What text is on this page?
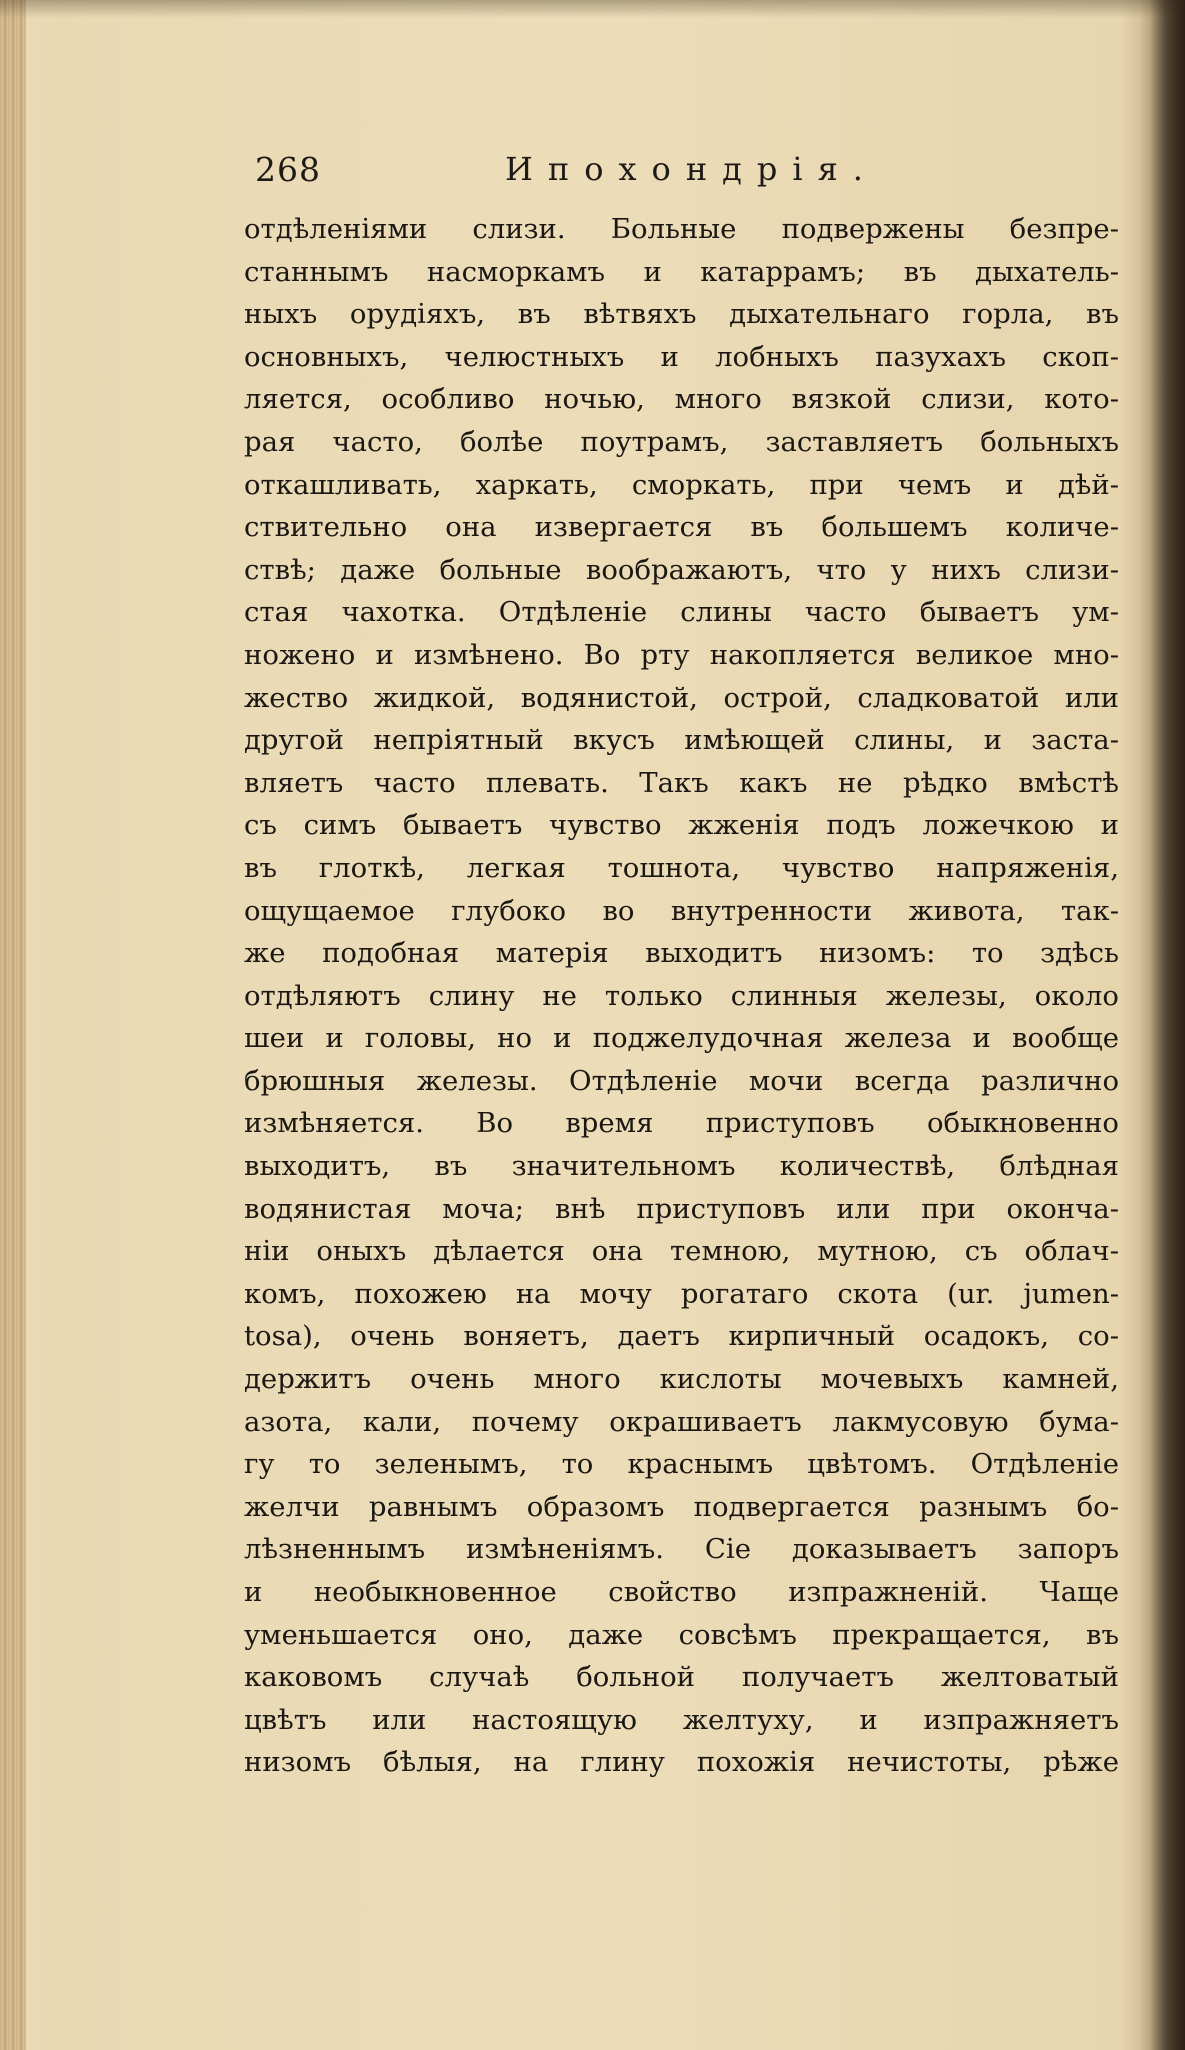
268	Ипохондрія.
отдѣленіями слизи. Больные подвержены безпре-
станнымъ насморкамъ и катаррамъ; въ дыхатель-
ныхъ орудіяхъ, въ вѣтвяхъ дыхательнаго горла, въ
основныхъ, челюстныхъ и лобныхъ пазухахъ скоп-
ляется, особливо ночью, много вязкой слизи, кото-
рая часто, болѣе поутрамъ, заставляетъ больныхъ
откашливать, харкать, сморкать, при чемъ и дѣй-
ствительно она извергается въ большемъ количе-
ствѣ; даже больные воображаютъ, что у нихъ слизи-
стая чахотка. Отдѣленіе слины часто бываетъ ум-
ножено и измѣнено. Во рту накопляется великое мно-
жество жидкой, водянистой, острой, сладковатой или
другой непріятный вкусъ имѣющей слины, и заста-
вляетъ часто плевать. Такъ какъ не рѣдко вмѣстѣ
съ симъ бываетъ чувство жженія подъ ложечкою и
въ глоткѣ, легкая тошнота, чувство напряженія,
ощущаемое глубоко во внутренности живота, так-
же подобная матерія выходитъ низомъ: то здѣсь
отдѣляютъ слину не только слинныя железы, около
шеи и головы, но и поджелудочная железа и вообще
брюшныя железы. Отдѣленіе мочи всегда различно
измѣняется. Во время приступовъ обыкновенно
выходитъ, въ значительномъ количествѣ, блѣдная
водянистая моча; внѣ приступовъ или при оконча-
ніи оныхъ дѣлается она темною, мутною, съ облач-
комъ, похожею на мочу рогатаго скота (ur. jumen-
tosa), очень воняетъ, даетъ кирпичный осадокъ, со-
держитъ очень много кислоты мочевыхъ камней,
азота, кали, почему окрашиваетъ лакмусовую бума-
гу то зеленымъ, то краснымъ цвѣтомъ. Отдѣленіе
желчи равнымъ образомъ подвергается разнымъ бо-
лѣзненнымъ измѣненіямъ. Сіе доказываетъ запоръ
и необыкновенное свойство изпражненій. Чаще
уменьшается оно, даже совсѣмъ прекращается, въ
каковомъ случаѣ больной получаетъ желтоватый
цвѣтъ или настоящую желтуху, и изпражняетъ
низомъ бѣлыя, на глину похожія нечистоты, рѣже
